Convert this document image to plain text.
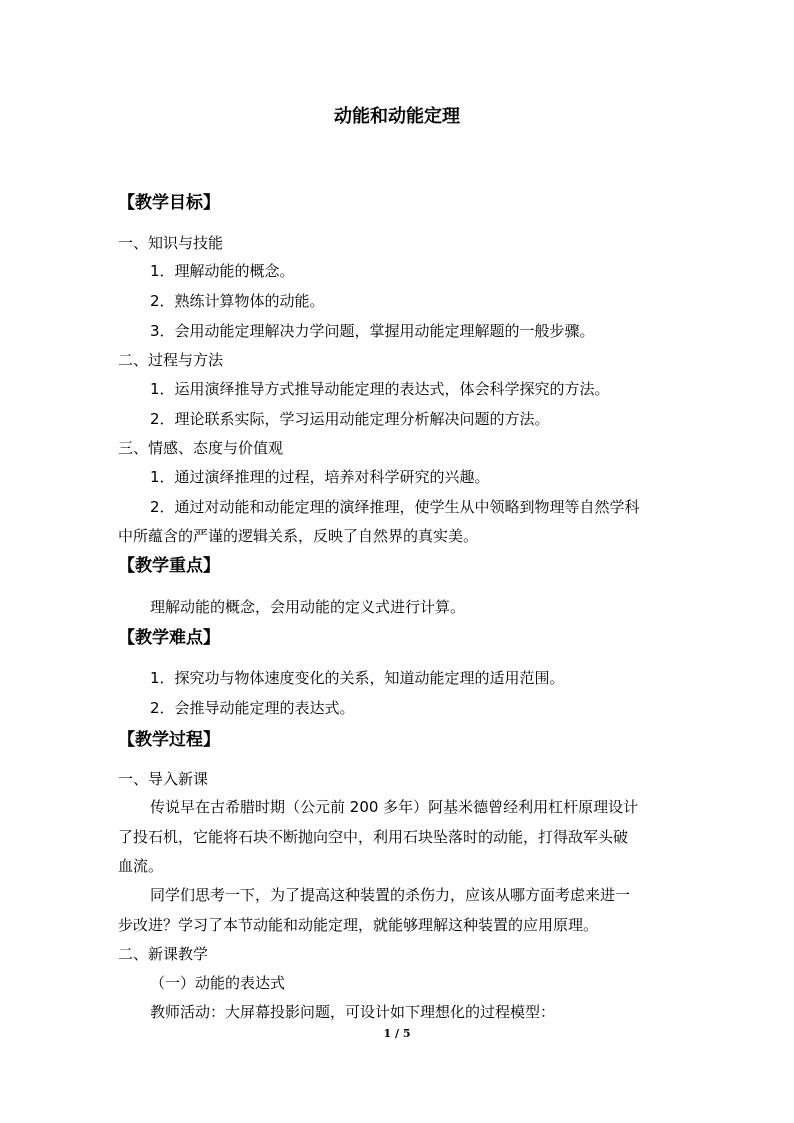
动能和动能定理
【教学目标】
一、知识与技能
1．理解动能的概念。
2．熟练计算物体的动能。
3．会用动能定理解决力学问题，掌握用动能定理解题的一般步骤。
二、过程与方法
1．运用演绎推导方式推导动能定理的表达式，体会科学探究的方法。
2．理论联系实际，学习运用动能定理分析解决问题的方法。
三、情感、态度与价值观
1．通过演绎推理的过程，培养对科学研究的兴趣。
2．通过对动能和动能定理的演绎推理，使学生从中领略到物理等自然学科
中所蕴含的严谨的逻辑关系，反映了自然界的真实美。
【教学重点】
理解动能的概念，会用动能的定义式进行计算。
【教学难点】
1．探究功与物体速度变化的关系，知道动能定理的适用范围。
2．会推导动能定理的表达式。
【教学过程】
一、导入新课
传说早在古希腊时期（公元前 200 多年）阿基米德曾经利用杠杆原理设计
了投石机，它能将石块不断抛向空中，利用石块坠落时的动能，打得敌军头破
血流。
同学们思考一下，为了提高这种装置的杀伤力，应该从哪方面考虑来进一
步改进？学习了本节动能和动能定理，就能够理解这种装置的应用原理。
二、新课教学
（一）动能的表达式
教师活动：大屏幕投影问题，可设计如下理想化的过程模型：
1 / 5
